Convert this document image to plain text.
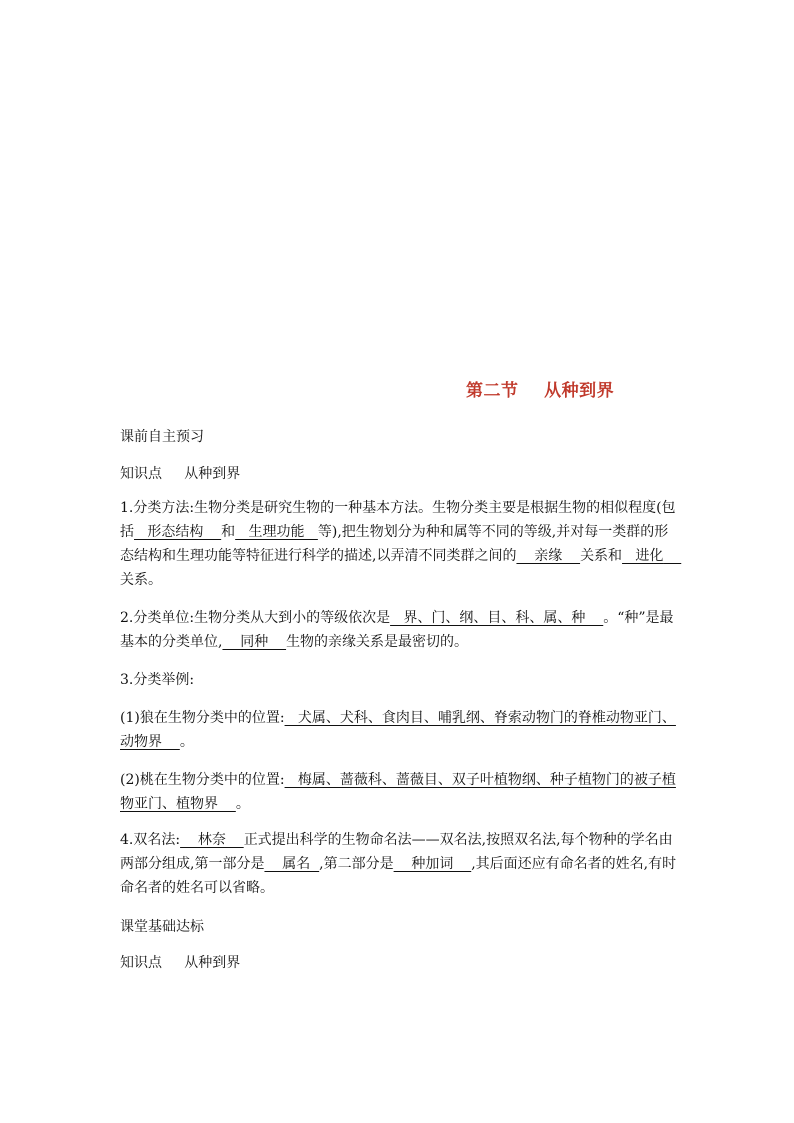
第二节    从种到界
课前自主预习
知识点     从种到界
1.分类方法:生物分类是研究生物的一种基本方法。生物分类主要是根据生物的相似程度(包括   形态结构    和   生理功能   等),把生物划分为种和属等不同的等级,并对每一类群的形态结构和生理功能等特征进行科学的描述,以弄清不同类群之间的    亲缘    关系和   进化    关系。
2.分类单位:生物分类从大到小的等级依次是   界、门、纲、目、科、属、种    。“种”是最基本的分类单位,    同种    生物的亲缘关系是最密切的。
3.分类举例:
(1)狼在生物分类中的位置:   犬属、犬科、食肉目、哺乳纲、脊索动物门的脊椎动物亚门、动物界    。
(2)桃在生物分类中的位置:   梅属、蔷薇科、蔷薇目、双子叶植物纲、种子植物门的被子植物亚门、植物界    。
4.双名法:    林奈    正式提出科学的生物命名法——双名法,按照双名法,每个物种的学名由两部分组成,第一部分是    属名  ,第二部分是    种加词    ,其后面还应有命名者的姓名,有时命名者的姓名可以省略。
课堂基础达标
知识点     从种到界
